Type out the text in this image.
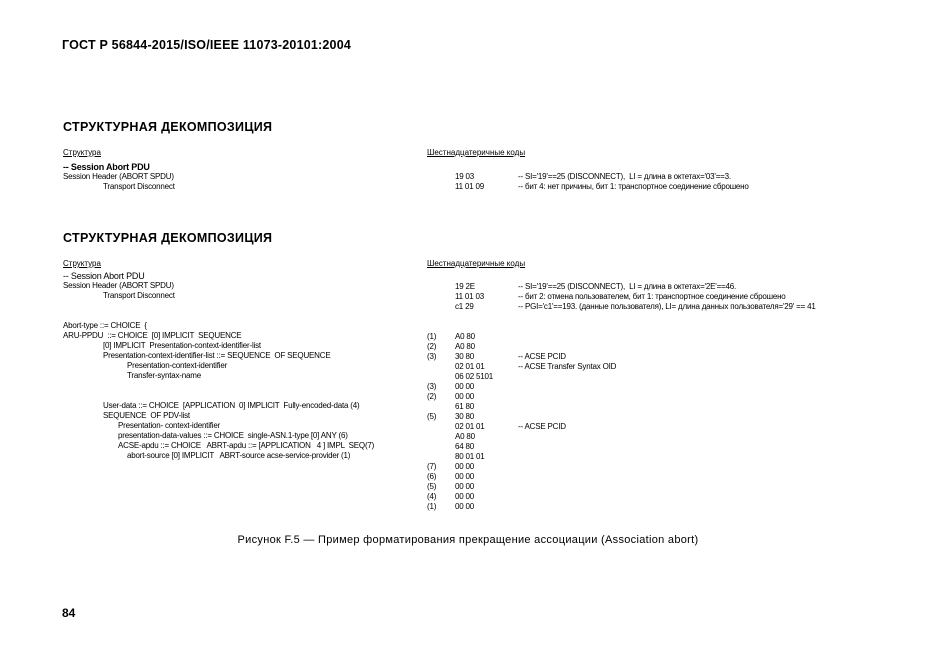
ГОСТ Р 56844-2015/ISO/IEEE 11073-20101:2004
СТРУКТУРНАЯ ДЕКОМПОЗИЦИЯ
Структура	Шестнадцатеричные коды
-- Session Abort PDU
Session Header (ABORT SPDU)
Transport Disconnect
19 03
11 01 09
-- SI='19'==25 (DISCONNECT),  LI = длина в октетах='03'==3.
-- бит 4: нет причины, бит 1: транспортное соединение сброшено
СТРУКТУРНАЯ ДЕКОМПОЗИЦИЯ
Структура	Шестнадцатеричные коды
-- Session Abort PDU
Session Header (ABORT SPDU)
Transport Disconnect
Abort-type ::= CHOICE  {
ARU-PPDU  ::= CHOICE  [0] IMPLICIT  SEQUENCE
[0] IMPLICIT  Presentation-context-identifier-list
Presentation-context-identifier-list ::= SEQUENCE  OF SEQUENCE
Presentation-context-identifier
Transfer-syntax-name
User-data ::= CHOICE  [APPLICATION  0] IMPLICIT  Fully-encoded-data (4)
SEQUENCE  OF PDV-list
Presentation- context-identifier
presentation-data-values ::= CHOICE  single-ASN.1-type [0] ANY (6)
ACSE-apdu ::= CHOICE   ABRT-apdu ::= [APPLICATION   4 ] IMPL  SEQ(7)
abort-source [0] IMPLICIT   ABRT-source acse-service-provider (1)
(1)
(2)
(3)
(3)
(2)
(5)
(7)
(6)
(5)
(4)
(1)
19 2E
11 01 03
c1 29
A0 80
A0 80
30 80
02 01 01
06 02 5101
00 00
00 00
61 80
30 80
02 01 01
A0 80
64 80
80 01 01
00 00
00 00
00 00
00 00
00 00
-- SI='19'==25 (DISCONNECT),  LI = длина в октетах='2E'==46.
-- бит 2: отмена пользователем, бит 1: транспортное соединение сброшено
-- PGI='c1'==193. (данные пользователя), LI= длина данных пользователя='29' == 41
-- ACSE PCID
-- ACSE Transfer Syntax OID
-- ACSE PCID
Рисунок F.5 — Пример форматирования прекращение ассоциации (Association abort)
84
